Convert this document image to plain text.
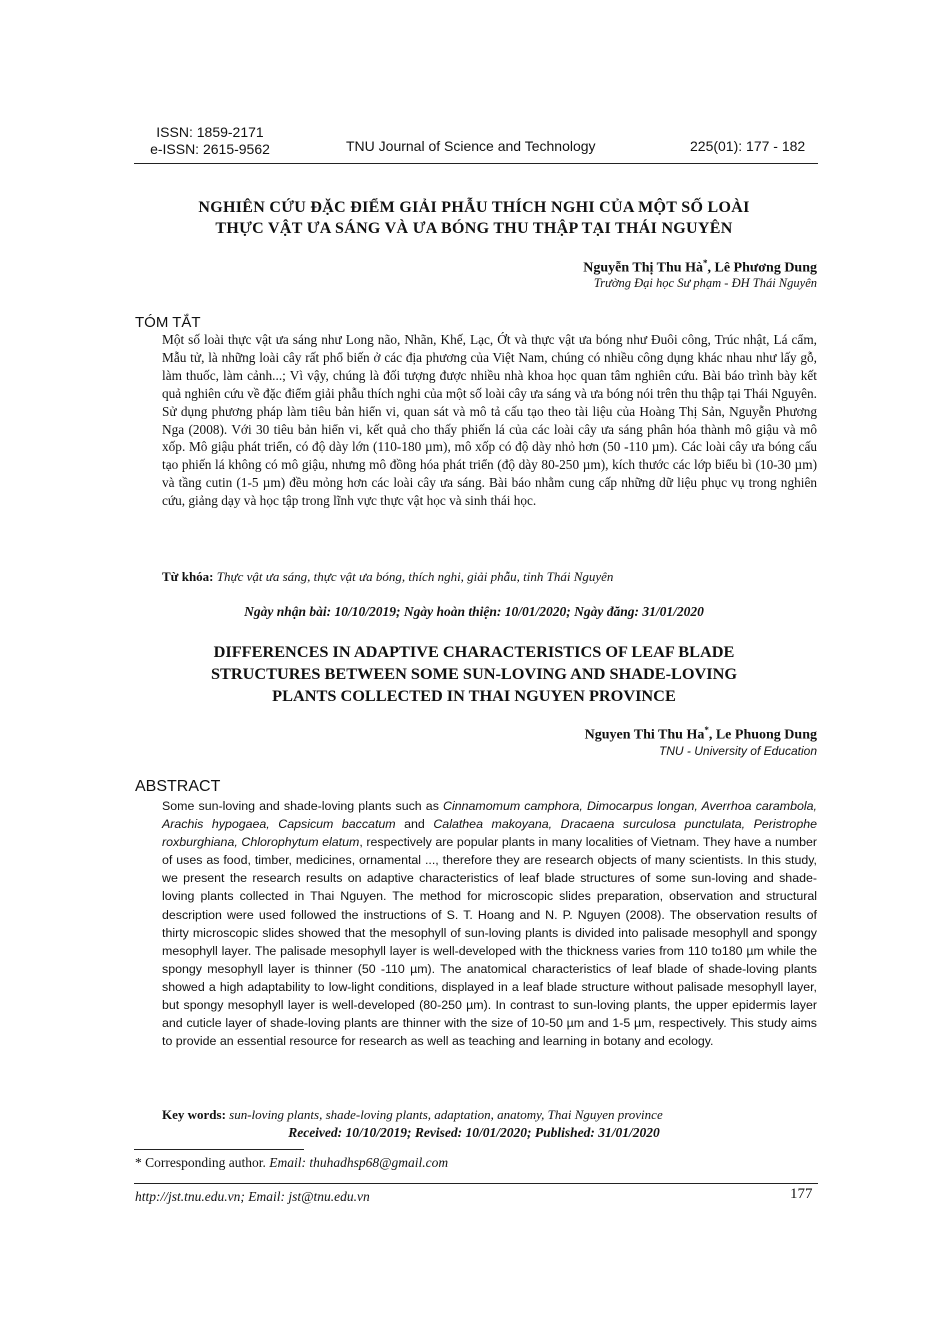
ISSN: 1859-2171
e-ISSN: 2615-9562	TNU Journal of Science and Technology	225(01): 177 - 182
NGHIÊN CỨU ĐẶC ĐIỂM GIẢI PHẪU THÍCH NGHI CỦA MỘT SỐ LOÀI
THỰC VẬT ƯA SÁNG VÀ ƯA BÓNG THU THẬP TẠI THÁI NGUYÊN
Nguyễn Thị Thu Hà*, Lê Phương Dung
Trường Đại học Sư phạm - ĐH Thái Nguyên
TÓM TẮT
Một số loài thực vật ưa sáng như Long não, Nhãn, Khế, Lạc, Ớt và thực vật ưa bóng như Đuôi công, Trúc nhật, Lá cẩm, Mẫu tử, là những loài cây rất phổ biến ở các địa phương của Việt Nam, chúng có nhiều công dụng khác nhau như lấy gỗ, làm thuốc, làm cảnh...; Vì vậy, chúng là đối tượng được nhiều nhà khoa học quan tâm nghiên cứu. Bài báo trình bày kết quả nghiên cứu về đặc điểm giải phẫu thích nghi của một số loài cây ưa sáng và ưa bóng nói trên thu thập tại Thái Nguyên. Sử dụng phương pháp làm tiêu bản hiển vi, quan sát và mô tả cấu tạo theo tài liệu của Hoàng Thị Sản, Nguyễn Phương Nga (2008). Với 30 tiêu bản hiển vi, kết quả cho thấy phiến lá của các loài cây ưa sáng phân hóa thành mô giậu và mô xốp. Mô giậu phát triển, có độ dày lớn (110-180 µm), mô xốp có độ dày nhỏ hơn (50 -110 µm). Các loài cây ưa bóng cấu tạo phiến lá không có mô giậu, nhưng mô đồng hóa phát triển (độ dày 80-250 µm), kích thước các lớp biểu bì (10-30 µm) và tầng cutin (1-5 µm) đều mỏng hơn các loài cây ưa sáng. Bài báo nhằm cung cấp những dữ liệu phục vụ trong nghiên cứu, giảng dạy và học tập trong lĩnh vực thực vật học và sinh thái học.
Từ khóa: Thực vật ưa sáng, thực vật ưa bóng, thích nghi, giải phẫu, tỉnh Thái Nguyên
Ngày nhận bài: 10/10/2019; Ngày hoàn thiện: 10/01/2020; Ngày đăng: 31/01/2020
DIFFERENCES IN ADAPTIVE CHARACTERISTICS OF LEAF BLADE
STRUCTURES BETWEEN SOME SUN-LOVING AND SHADE-LOVING
PLANTS COLLECTED IN THAI NGUYEN PROVINCE
Nguyen Thi Thu Ha*, Le Phuong Dung
TNU - University of Education
ABSTRACT
Some sun-loving and shade-loving plants such as Cinnamomum camphora, Dimocarpus longan, Averrhoa carambola, Arachis hypogaea, Capsicum baccatum and Calathea makoyana, Dracaena surculosa punctulata, Peristrophe roxburghiana, Chlorophytum elatum, respectively are popular plants in many localities of Vietnam. They have a number of uses as food, timber, medicines, ornamental ..., therefore they are research objects of many scientists. In this study, we present the research results on adaptive characteristics of leaf blade structures of some sun-loving and shade-loving plants collected in Thai Nguyen. The method for microscopic slides preparation, observation and structural description were used followed the instructions of S. T. Hoang and N. P. Nguyen (2008). The observation results of thirty microscopic slides showed that the mesophyll of sun-loving plants is divided into palisade mesophyll and spongy mesophyll layer. The palisade mesophyll layer is well-developed with the thickness varies from 110 to180 µm while the spongy mesophyll layer is thinner (50 -110 µm). The anatomical characteristics of leaf blade of shade-loving plants showed a high adaptability to low-light conditions, displayed in a leaf blade structure without palisade mesophyll layer, but spongy mesophyll layer is well-developed (80-250 µm). In contrast to sun-loving plants, the upper epidermis layer and cuticle layer of shade-loving plants are thinner with the size of 10-50 µm and 1-5 µm, respectively. This study aims to provide an essential resource for research as well as teaching and learning in botany and ecology.
Key words: sun-loving plants, shade-loving plants, adaptation, anatomy, Thai Nguyen province
Received: 10/10/2019; Revised: 10/01/2020; Published: 31/01/2020
* Corresponding author. Email: thuhadhsp68@gmail.com
http://jst.tnu.edu.vn; Email: jst@tnu.edu.vn	177
